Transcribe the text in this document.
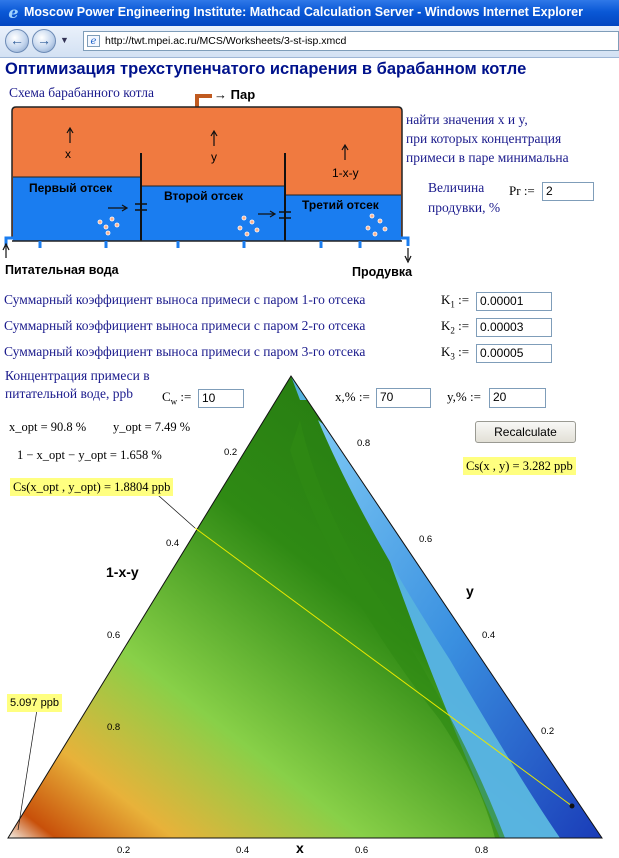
e Moscow Power Engineering Institute: Mathcad Calculation Server - Windows Internet Explorer
← →	▼	e http://twt.mpei.ac.ru/MCS/Worksheets/3-st-isp.xmcd
Оптимизация трехступенчатого испарения в барабанном котле
Схема барабанного котла	→ Пар
x	y
1-x-y
Первый отсек
Второй отсек
Третий отсек
Питательная вода	Продувка
найти значения x и y,
при которых концентрация
примеси в паре минимальна
Величина
продувки, %
Pr := 2
Суммарный коэффициент выноса примеси с паром 1-го отсека	$K_1$ := 0.00001
Суммарный коэффициент выноса примеси с паром 2-го отсека	$K_2$ := 0.00003
Суммарный коэффициент выноса примеси с паром 3-го отсека	$K_3$ := 0.00005
Концентрация примеси в
питательной воде, ppb	$C_w$ := 10
0.2	0.4	0.6	0.8
0.8
0.6
0.4
0.2
0.2
0.4
0.6
0.8
x
1-x-y
y
x,% := 70	y,% :=	20
x_opt = 90.8 % y_opt = 7.49 %
1 − x_opt − y_opt = 1.658 %
Cs(x_opt , y_opt) = 1.8804 ppb
Cs(x , y) = 3.282 ppb
5.097 ppb
Recalculate
